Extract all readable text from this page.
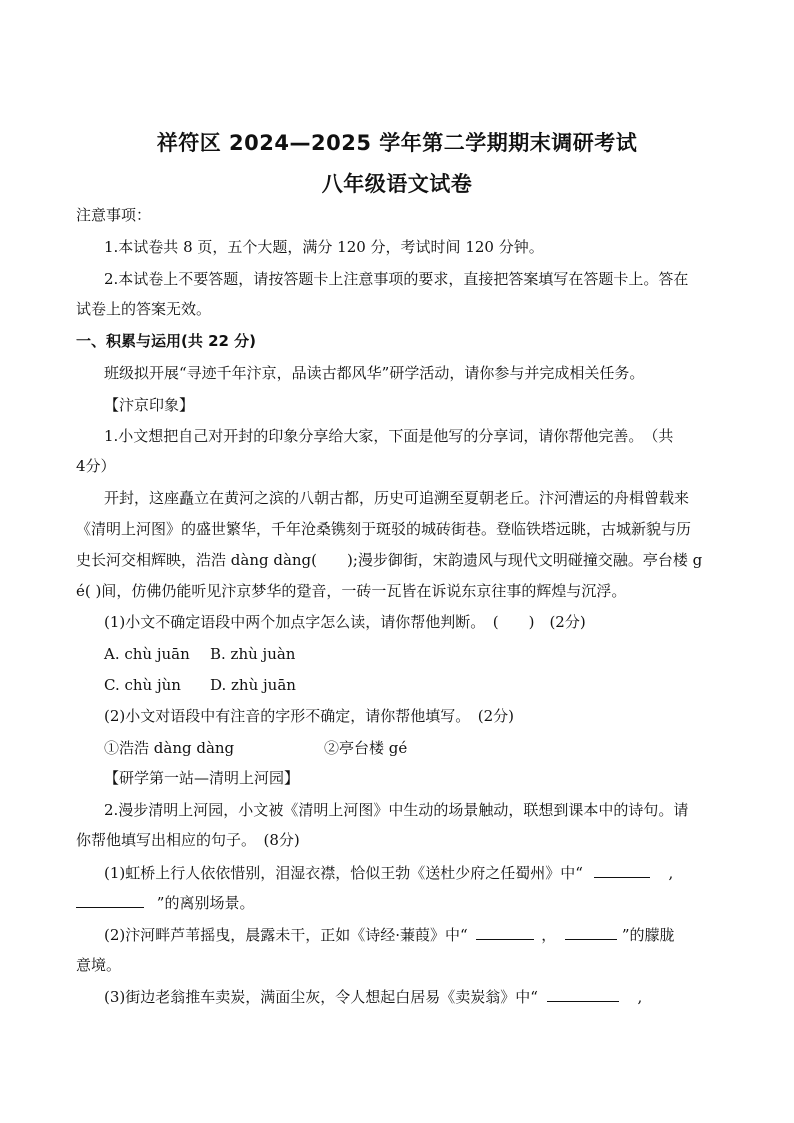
祥符区 2024—2025 学年第二学期期末调研考试
八年级语文试卷
注意事项：
1.本试卷共 8 页，五个大题，满分 120 分，考试时间 120 分钟。
2.本试卷上不要答题，请按答题卡上注意事项的要求，直接把答案填写在答题卡上。答在
试卷上的答案无效。
一、积累与运用(共 22 分)
班级拟开展“寻迹千年汴京，品读古都风华”研学活动，请你参与并完成相关任务。
【汴京印象】
1.小文想把自己对开封的印象分享给大家，下面是他写的分享词，请你帮他完善。　（共
4分）
开封，这座矗立在黄河之滨的八朝古都，历史可追溯至夏朝老丘。汴河漕运的舟楫曾载来
《清明上河图》的盛世繁华，千年沧桑镌刻于斑驳的城砖街巷。登临铁塔远眺，古城新貌与历
史长河交相辉映，浩浩 dàng dàng(　　);漫步御街，宋韵遗风与现代文明碰撞交融。亭台楼 g
é( )间，仿佛仍能听见汴京梦华的跫音，一砖一瓦皆在诉说东京往事的辉煌与沉浮。
(1)小文不确定语段中两个加点字怎么读，请你帮他判断。　(　　)　(2分)
A. chù juān B. zhù juàn
C. chù jùn D. zhù juān
(2)小文对语段中有注音的字形不确定，请你帮他填写。　(2分)
①浩浩 dàng dàng	②亭台楼 gé
【研学第一站—清明上河园】
2.漫步清明上河园，小文被《清明上河图》中生动的场景触动，联想到课本中的诗句。请
你帮他填写出相应的句子。　(8分)
(1)虹桥上行人依依惜别，泪湿衣襟，恰似王勃《送杜少府之任蜀州》中“	,
”的离别场景。
(2)汴河畔芦苇摇曳，晨露未干，正如《诗经·蒹葭》中“	，	”的朦胧
意境。
(3)街边老翁推车卖炭，满面尘灰，令人想起白居易《卖炭翁》中“	,
